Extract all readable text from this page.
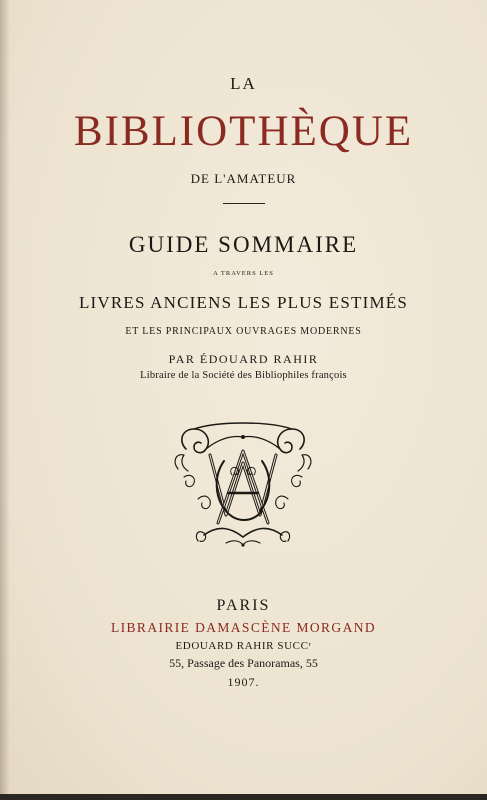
LA
BIBLIOTHÈQUE
DE L'AMATEUR
GUIDE SOMMAIRE
A TRAVERS LES
LIVRES ANCIENS LES PLUS ESTIMÉS
ET LES PRINCIPAUX OUVRAGES MODERNES
PAR ÉDOUARD RAHIR
Libraire de la Société des Bibliophiles françois
PARIS
LIBRAIRIE DAMASCÈNE MORGAND
EDOUARD RAHIR SUCCʳ
55, Passage des Panoramas, 55
1907.
